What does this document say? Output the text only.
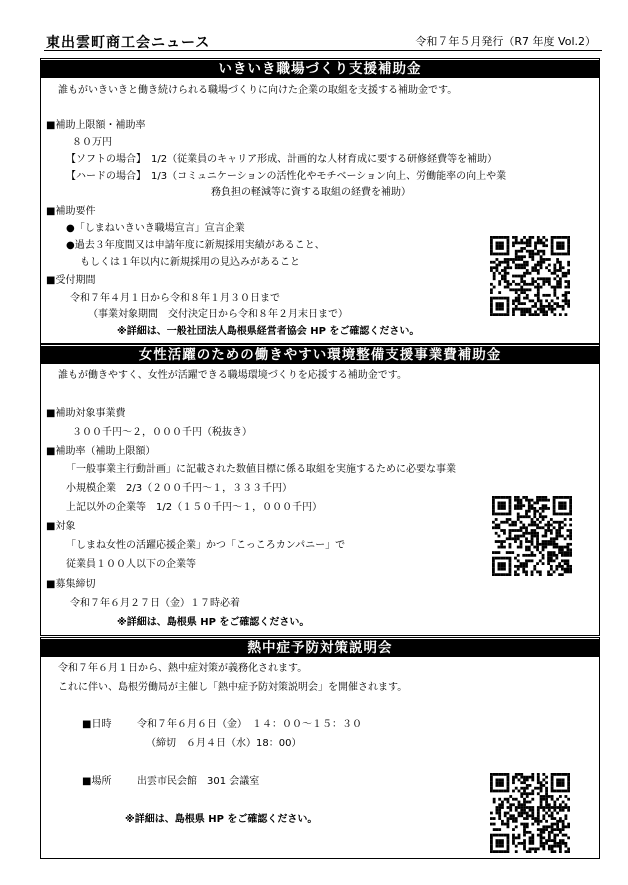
東出雲町商工会ニュース	令和７年５月発行（R7 年度 Vol.2）
いきいき職場づくり支援補助金
誰もがいきいきと働き続けられる職場づくりに向けた企業の取組を支援する補助金です。
■補助上限額・補助率
８０万円
【ソフトの場合】　1/2（従業員のキャリア形成、計画的な人材育成に要する研修経費等を補助）
【ハードの場合】　1/3（コミュニケーションの活性化やモチベーション向上、労働能率の向上や業
務負担の軽減等に資する取組の経費を補助）
■補助要件
●「しまねいきいき職場宣言」宣言企業
●過去３年度間又は申請年度に新規採用実績があること、
もしくは１年以内に新規採用の見込みがあること
■受付期間
令和７年４月１日から令和８年１月３０日まで
（事業対象期間　交付決定日から令和８年２月末日まで）
※詳細は、一般社団法人島根県経営者協会 HP をご確認ください。
女性活躍のための働きやすい環境整備支援事業費補助金
誰もが働きやすく、女性が活躍できる職場環境づくりを応援する補助金です。
■補助対象事業費
３００千円～２，０００千円（税抜き）
■補助率（補助上限額）
「一般事業主行動計画」に記載された数値目標に係る取組を実施するために必要な事業
小規模企業　2/3（２００千円～１，３３３千円）
上記以外の企業等　1/2（１５０千円～１，０００千円）
■対象
「しまね女性の活躍応援企業」かつ「こっころカンパニー」で
従業員１００人以下の企業等
■募集締切
令和７年６月２７日（金）１７時必着
※詳細は、島根県 HP をご確認ください。
熱中症予防対策説明会
令和７年６月１日から、熱中症対策が義務化されます。
これに伴い、島根労働局が主催し「熱中症予防対策説明会」を開催されます。
■日時	令和７年６月６日（金）　１４：００～１５：３０
（締切　６月４日（水）18：00）
■場所	出雲市民会館　301 会議室
※詳細は、島根県 HP をご確認ください。
